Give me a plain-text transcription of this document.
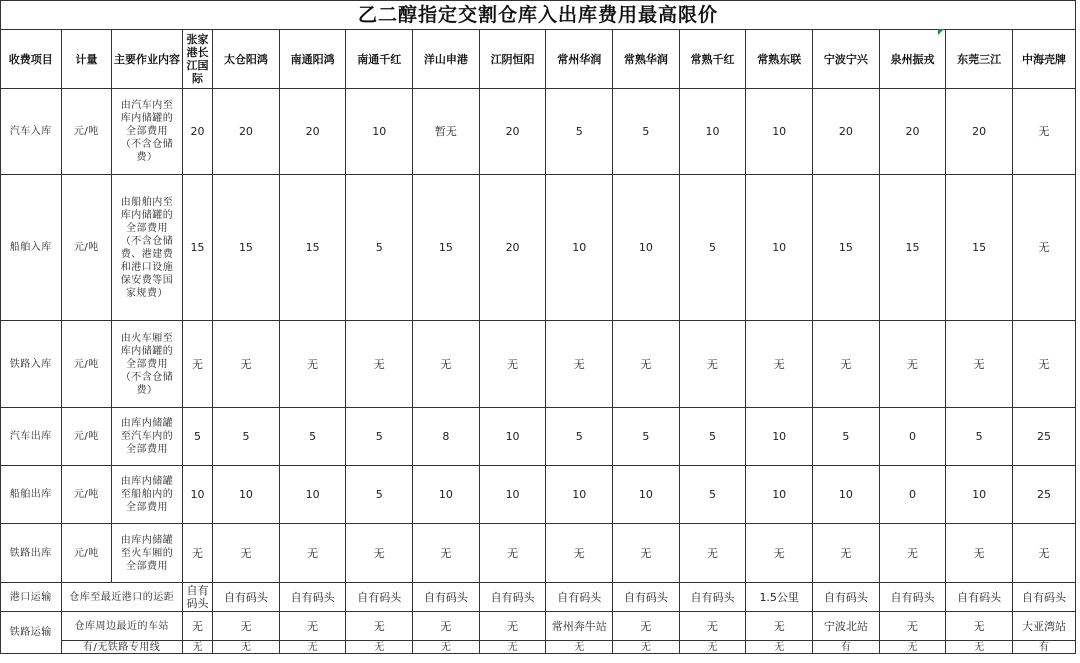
乙二醇指定交割仓库入出库费用最高限价																
收费项目	计量	主要作业内容	张家港长江国际	太仓阳鸿	南通阳鸿	南通千红	洋山申港	江阴恒阳	常州华润	常熟华润	常熟千红	常熟东联	宁波宁兴	泉州振戎	东莞三江	中海壳牌
汽车入库	元/吨	由汽车内至库内储罐的全部费用（不含仓储费）	20	20	20	10	暂无	20	5	5	10	10	20	20	20	无
船舶入库	元/吨	由船舶内至库内储罐的全部费用（不含仓储费、港建费和港口设施保安费等国家规费）	15	15	15	5	15	20	10	10	5	10	15	15	15	无
铁路入库	元/吨	由火车厢至库内储罐的全部费用（不含仓储费）	无	无	无	无	无	无	无	无	无	无	无	无	无	无
汽车出库	元/吨	由库内储罐至汽车内的全部费用	5	5	5	5	8	10	5	5	5	10	5	0	5	25
船舶出库	元/吨	由库内储罐至船舶内的全部费用	10	10	10	5	10	10	10	10	5	10	10	0	10	25
铁路出库	元/吨	由库内储罐至火车厢的全部费用	无	无	无	无	无	无	无	无	无	无	无	无	无	无
港口运输	仓库至最近港口的运距		自有码头	自有码头	自有码头	自有码头	自有码头	自有码头	自有码头	自有码头	自有码头	1.5公里	自有码头	自有码头	自有码头	自有码头
铁路运输	仓库周边最近的车站		无	无	无	无	无	无	常州奔牛站	无	无	无	宁波北站	无	无	大亚湾站
	有/无铁路专用线		无	无	无	无	无	无	无	无	无	无	有	无	无	有
